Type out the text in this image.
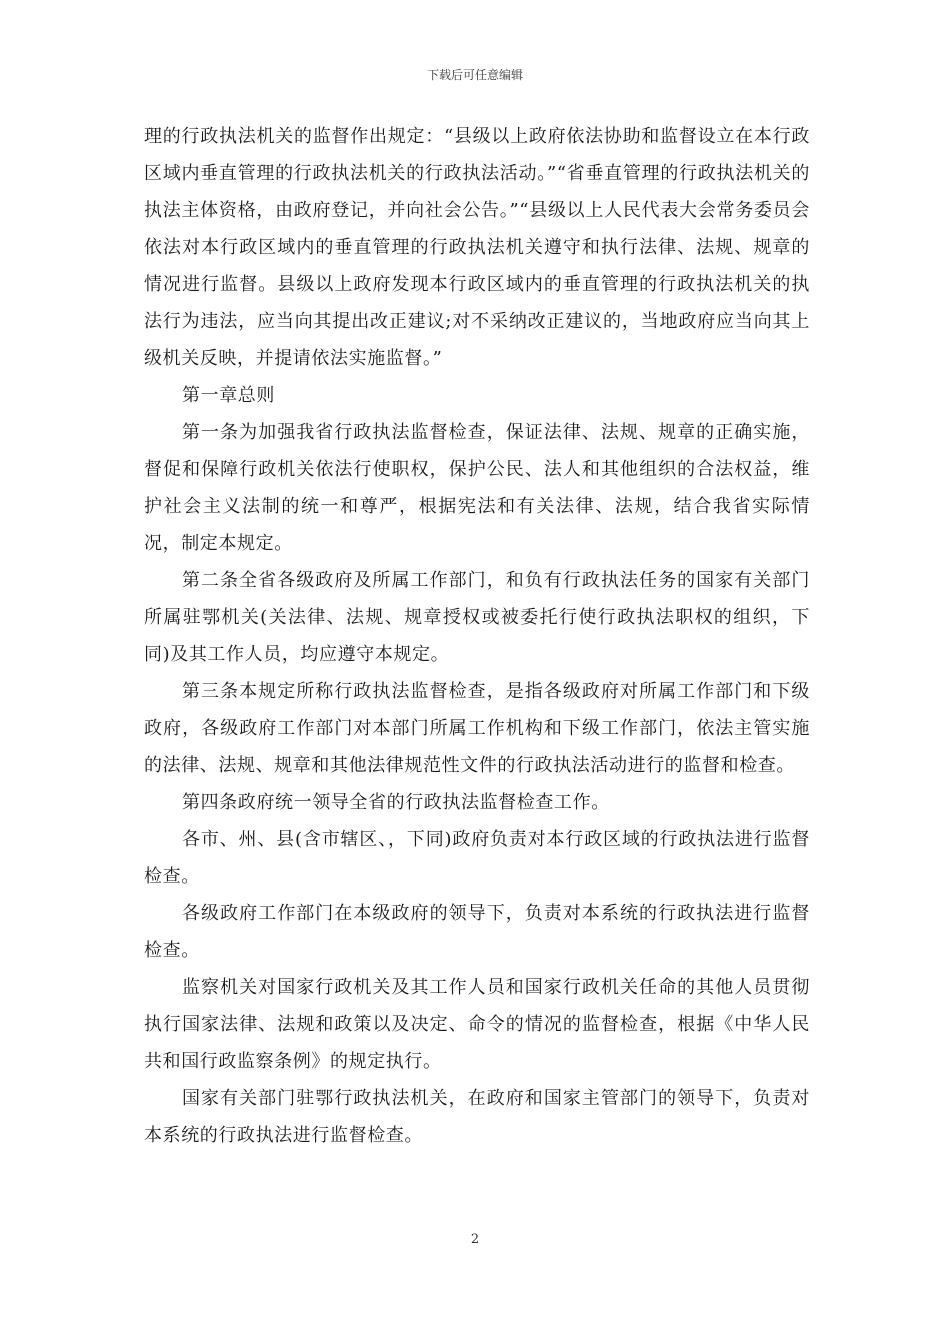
下载后可任意编辑

理的行政执法机关的监督作出规定：“县级以上政府依法协助和监督设立在本行政区域内垂直管理的行政执法机关的行政执法活动。”“省垂直管理的行政执法机关的执法主体资格，由政府登记，并向社会公告。”“县级以上人民代表大会常务委员会依法对本行政区域内的垂直管理的行政执法机关遵守和执行法律、法规、规章的情况进行监督。县级以上政府发现本行政区域内的垂直管理的行政执法机关的执法行为违法，应当向其提出改正建议;对不采纳改正建议的，当地政府应当向其上级机关反映，并提请依法实施监督。”

第一章总则

第一条为加强我省行政执法监督检查，保证法律、法规、规章的正确实施，督促和保障行政机关依法行使职权，保护公民、法人和其他组织的合法权益，维护社会主义法制的统一和尊严，根据宪法和有关法律、法规，结合我省实际情况，制定本规定。

第二条全省各级政府及所属工作部门，和负有行政执法任务的国家有关部门所属驻鄂机关(关法律、法规、规章授权或被委托行使行政执法职权的组织，下同)及其工作人员，均应遵守本规定。

第三条本规定所称行政执法监督检查，是指各级政府对所属工作部门和下级政府，各级政府工作部门对本部门所属工作机构和下级工作部门，依法主管实施的法律、法规、规章和其他法律规范性文件的行政执法活动进行的监督和检查。

第四条政府统一领导全省的行政执法监督检查工作。

各市、州、县(含市辖区、，下同)政府负责对本行政区域的行政执法进行监督检查。

各级政府工作部门在本级政府的领导下，负责对本系统的行政执法进行监督检查。

监察机关对国家行政机关及其工作人员和国家行政机关任命的其他人员贯彻执行国家法律、法规和政策以及决定、命令的情况的监督检查，根据《中华人民共和国行政监察条例》的规定执行。

国家有关部门驻鄂行政执法机关，在政府和国家主管部门的领导下，负责对本系统的行政执法进行监督检查。

2
